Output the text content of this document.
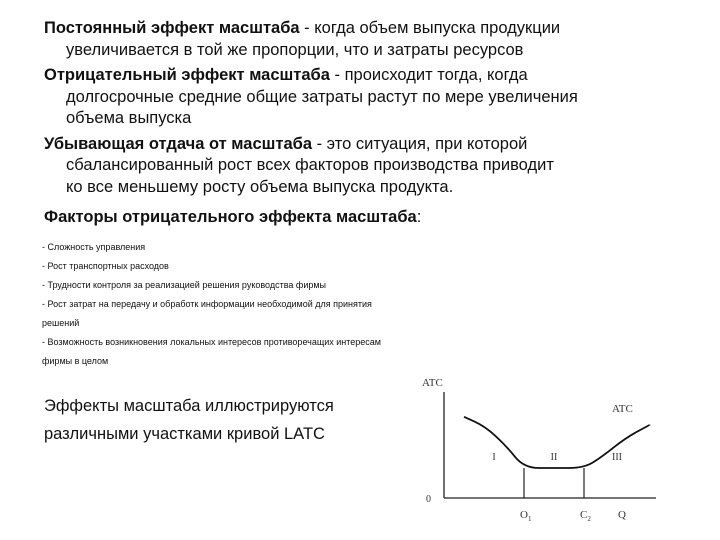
Постоянный эффект масштаба - когда объем выпуска продукции
увеличивается в той же пропорции, что и затраты ресурсов
Отрицательный эффект масштаба - происходит тогда, когда
долгосрочные средние общие затраты растут по мере увеличения
объема выпуска
Убывающая отдача от масштаба - это ситуация, при которой
сбалансированный рост всех факторов производства приводит
ко все меньшему росту объема выпуска продукта.
Факторы отрицательного эффекта масштаба:
- Сложность управления
- Рост транспортных расходов
- Трудности контроля за реализацией решения руководства фирмы
- Рост затрат на передачу и обработк информации необходимой для принятия
решений
- Возможность возникновения локальных интересов противоречащих интересам
фирмы в целом
Эффекты масштаба иллюстрируются
различными участками кривой LATC
ATC
0
ATC
I	II	III
$O_1$	$C_2$ Q
